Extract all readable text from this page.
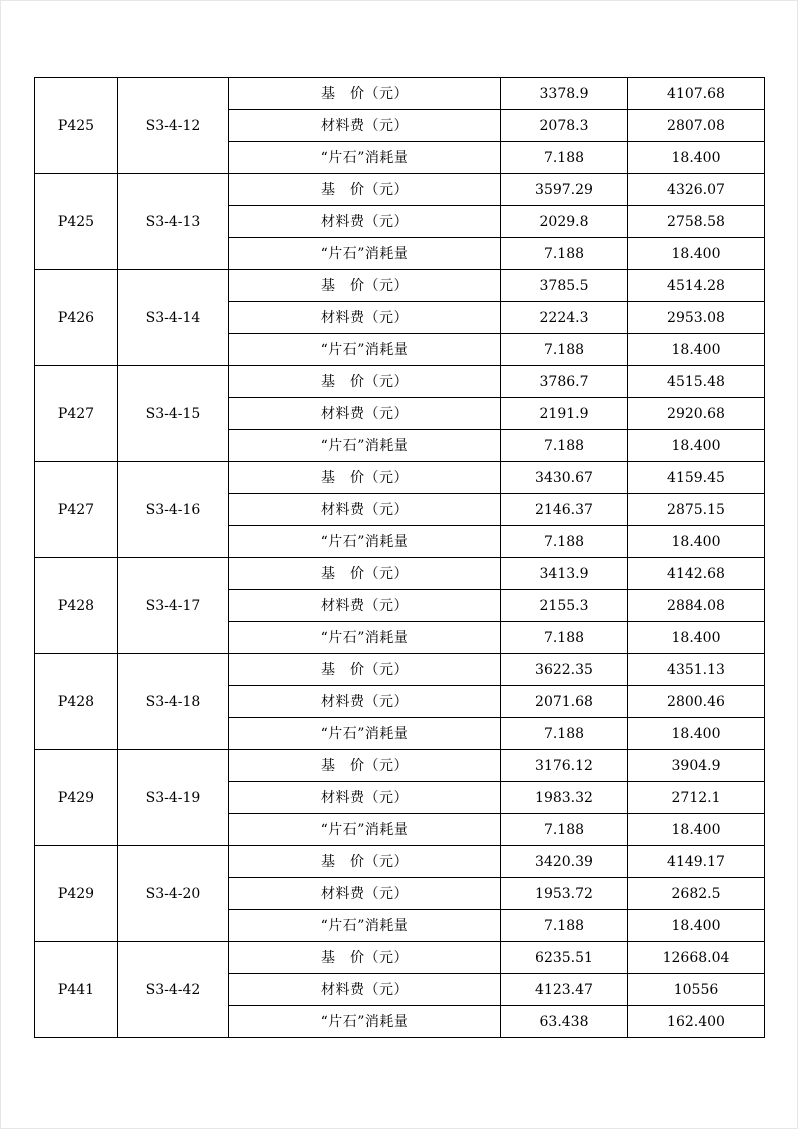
P425	S3-4-12	基　价（元）	3378.9	4107.68
		材料费（元）	2078.3	2807.08
		“片石”消耗量	7.188	18.400
P425	S3-4-13	基　价（元）	3597.29	4326.07
		材料费（元）	2029.8	2758.58
		“片石”消耗量	7.188	18.400
P426	S3-4-14	基　价（元）	3785.5	4514.28
		材料费（元）	2224.3	2953.08
		“片石”消耗量	7.188	18.400
P427	S3-4-15	基　价（元）	3786.7	4515.48
		材料费（元）	2191.9	2920.68
		“片石”消耗量	7.188	18.400
P427	S3-4-16	基　价（元）	3430.67	4159.45
		材料费（元）	2146.37	2875.15
		“片石”消耗量	7.188	18.400
P428	S3-4-17	基　价（元）	3413.9	4142.68
		材料费（元）	2155.3	2884.08
		“片石”消耗量	7.188	18.400
P428	S3-4-18	基　价（元）	3622.35	4351.13
		材料费（元）	2071.68	2800.46
		“片石”消耗量	7.188	18.400
P429	S3-4-19	基　价（元）	3176.12	3904.9
		材料费（元）	1983.32	2712.1
		“片石”消耗量	7.188	18.400
P429	S3-4-20	基　价（元）	3420.39	4149.17
		材料费（元）	1953.72	2682.5
		“片石”消耗量	7.188	18.400
P441	S3-4-42	基　价（元）	6235.51	12668.04
		材料费（元）	4123.47	10556
		“片石”消耗量	63.438	162.400
